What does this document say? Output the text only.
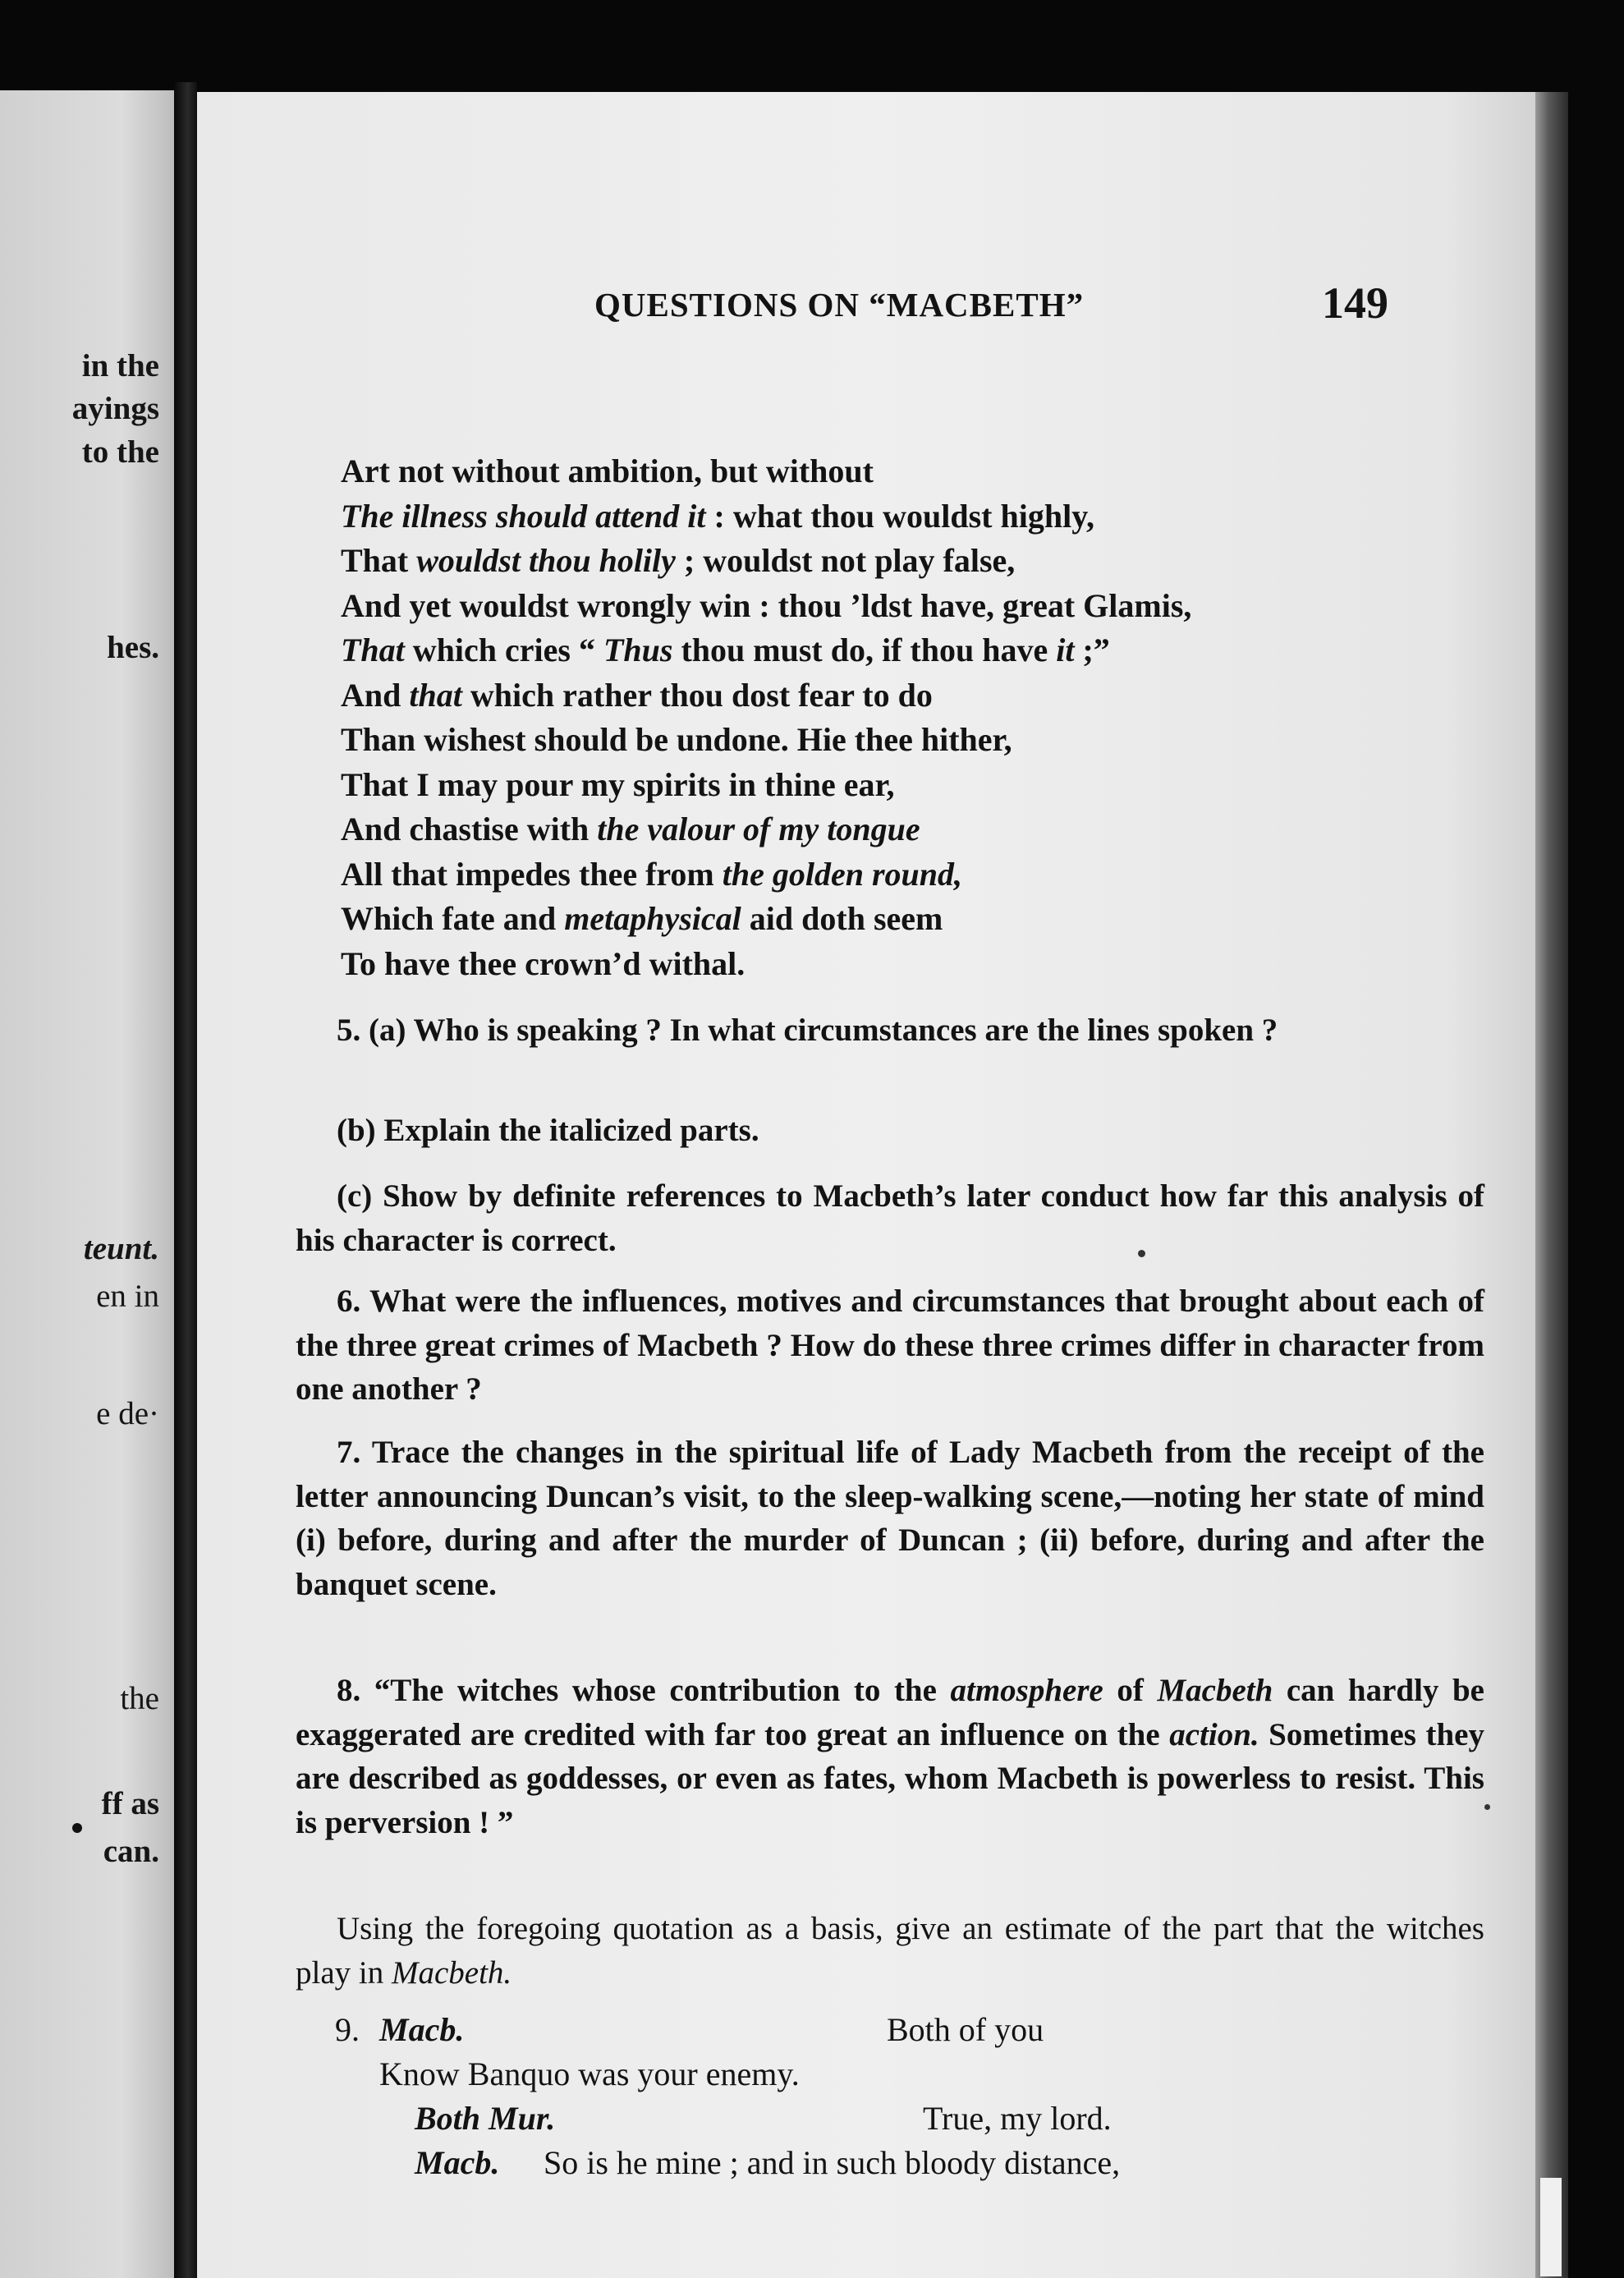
in the
ayings
to the
hes.
teunt.
en in
e de·
the
ff as
can.
QUESTIONS ON “MACBETH”	149
Art not without ambition, but without
The illness should attend it : what thou wouldst highly,
That wouldst thou holily ; wouldst not play false,
And yet wouldst wrongly win : thou ’ldst have, great Glamis,
That which cries “ Thus thou must do, if thou have it ;”
And that which rather thou dost fear to do
Than wishest should be undone. Hie thee hither,
That I may pour my spirits in thine ear,
And chastise with the valour of my tongue
All that impedes thee from the golden round,
Which fate and metaphysical aid doth seem
To have thee crown’d withal.

5. (a) Who is speaking ? In what circumstances are the lines spoken ?

(b) Explain the italicized parts.

(c) Show by definite references to Macbeth’s later conduct how far this analysis of his character is correct.

6. What were the influences, motives and circumstances that brought about each of the three great crimes of Macbeth ? How do these three crimes differ in character from one another ?

7. Trace the changes in the spiritual life of Lady Macbeth from the receipt of the letter announcing Duncan’s visit, to the sleep-walking scene,—noting her state of mind (i) before, during and after the murder of Duncan ; (ii) before, during and after the banquet scene.

8. “The witches whose contribution to the atmosphere of Macbeth can hardly be exaggerated are credited with far too great an influence on the action. Sometimes they are described as goddesses, or even as fates, whom Macbeth is powerless to resist. This is perversion ! ”

Using the foregoing quotation as a basis, give an estimate of the part that the witches play in Macbeth.

9. Macb.	Both of you
Know Banquo was your enemy.
Both Mur.	True, my lord.
Macb. So is he mine ; and in such bloody distance,
